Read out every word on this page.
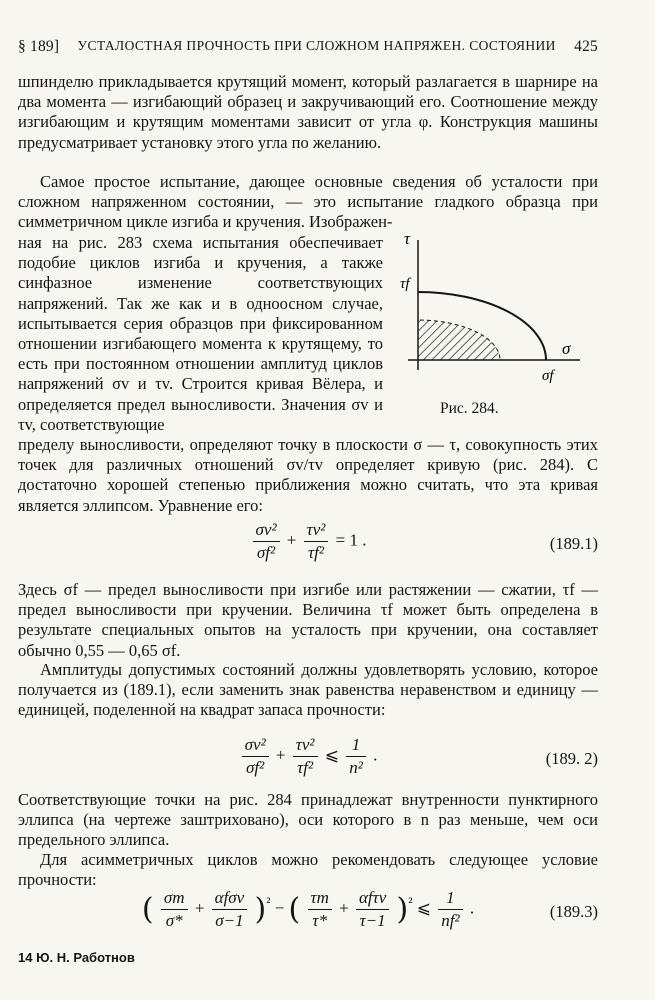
§ 189] УСТАЛОСТНАЯ ПРОЧНОСТЬ ПРИ СЛОЖНОМ НАПРЯЖЕН. СОСТОЯНИИ 425

шпинделю прикладывается крутящий момент, который разлагается в шарнире на два момента — изгибающий образец и закручивающий его. Соотношение между изгибающим и крутящим моментами зависит от угла φ. Конструкция машины предусматривает установку этого угла по желанию.

Самое простое испытание, дающее основные сведения об усталости при сложном напряженном состоянии, — это испытание гладкого образца при симметричном цикле изгиба и кручения. Изображен-

ная на рис. 283 схема испытания обеспечивает подобие циклов изгиба и кручения, а также синфазное изменение соответствующих напряжений. Так же как и в одноосном случае, испытывается серия образцов при фиксированном отношении изгибающего момента к крутящему, то есть при постоянном отношении амплитуд циклов напряжений σv и τv. Строится кривая Вёлера, и определяется предел выносливости. Значения σv и τv, соответствующие

τ
σ
τf
σf
Рис. 284.

пределу выносливости, определяют точку в плоскости σ — τ, совокупность этих точек для различных отношений σv/τv определяет кривую (рис. 284). С достаточно хорошей степенью приближения можно считать, что эта кривая является эллипсом. Уравнение его:

$\frac{\text{σv²}}{\text{σf²}} + \frac{\text{τv²}}{\text{τf²}} = 1$ .	(189.1)

Здесь σf — предел выносливости при изгибе или растяжении — сжатии, τf — предел выносливости при кручении. Величина τf может быть определена в результате специальных опытов на усталость при кручении, она составляет обычно 0,55 — 0,65 σf.

Амплитуды допустимых состояний должны удовлетворять условию, которое получается из (189.1), если заменить знак равенства неравенством и единицу — единицей, поделенной на квадрат запаса прочности:

$\frac{\text{σv²}}{\text{σf²}} + \frac{\text{τv²}}{\text{τf²}}$ ⩽ $\frac{1}{\text{n²}}$ .	(189. 2)

Соответствующие точки на рис. 284 принадлежат внутренности пунктирного эллипса (на чертеже заштриховано), оси которого в n раз меньше, чем оси предельного эллипса.

Для асимметричных циклов можно рекомендовать следующее условие прочности:

( $\frac{\sigma m}{\sigma*} + \frac{\text{αfσv}}{\sigma-1} )^{^2}$ − ( $\frac{\tau m}{\tau*} + \frac{\text{αfτv}}{\tau-1} )^{^2}$ ⩽ $\frac{1}{\text{nf²}}$ .	(189.3)
14 Ю. Н. Работнов
